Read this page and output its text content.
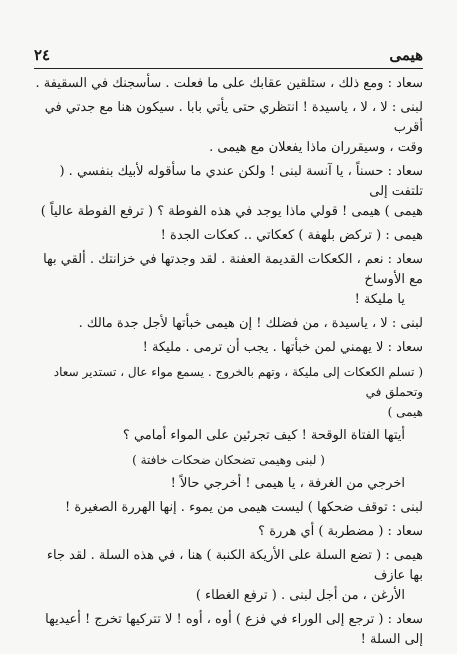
هيمى
٢٤
سعاد : ومع ذلك ، ستلقين عقابك على ما فعلت . سأسجنك في السقيفة .
لبنى : لا ، لا ، ياسيدة ! انتظري حتى يأتي بابا . سيكون هنا مع جدتي في أقرب
وقت ، وسيقرران ماذا يفعلان مع هيمى .
سعاد : حسناً ، يا آنسة لبنى ! ولكن عندي ما سأقوله لأبيك بنفسي . ( تلتفت إلى
هيمى ) هيمى ! قولي ماذا يوجد في هذه الفوطة ؟ ( ترفع الفوطة عالياً )
هيمى : ( تركض بلهفة ) كعكاتي .. كعكات الجدة !
سعاد : نعم ، الكعكات القديمة العفنة . لقد وجدتها في خزانتك . ألقي بها مع الأوساخ
يا مليكة !
لبنى : لا ، ياسيدة ، من فضلك ! إن هيمى خبأتها لأجل جدة مالك .
سعاد : لا يهمني لمن خبأتها . يجب أن ترمى . مليكة !
( تسلم الكعكات إلى مليكة ، وتهم بالخروج . يسمع مواء عال ، تستدير سعاد وتحملق في
هيمى )
أيتها الفتاة الوقحة ! كيف تجرئين على المواء أمامي ؟
( لبنى وهيمى تضحكان ضحكات خافتة )
اخرجي من الغرفة ، يا هيمى ! أخرجي حالاً !
لبنى : توقف ضحكها ) ليست هيمى من يموء . إنها الهررة الصغيرة !
سعاد : ( مضطربة ) أي هررة ؟
هيمى : ( تضع السلة على الأريكة الكنبة ) هنا ، في هذه السلة . لقد جاء بها عازف
الأرغن ، من أجل لبنى . ( ترفع الغطاء )
سعاد : ( ترجع إلى الوراء في فزع ) أوه ، أوه ! لا تتركيها تخرج ! أعيديها إلى السلة !
